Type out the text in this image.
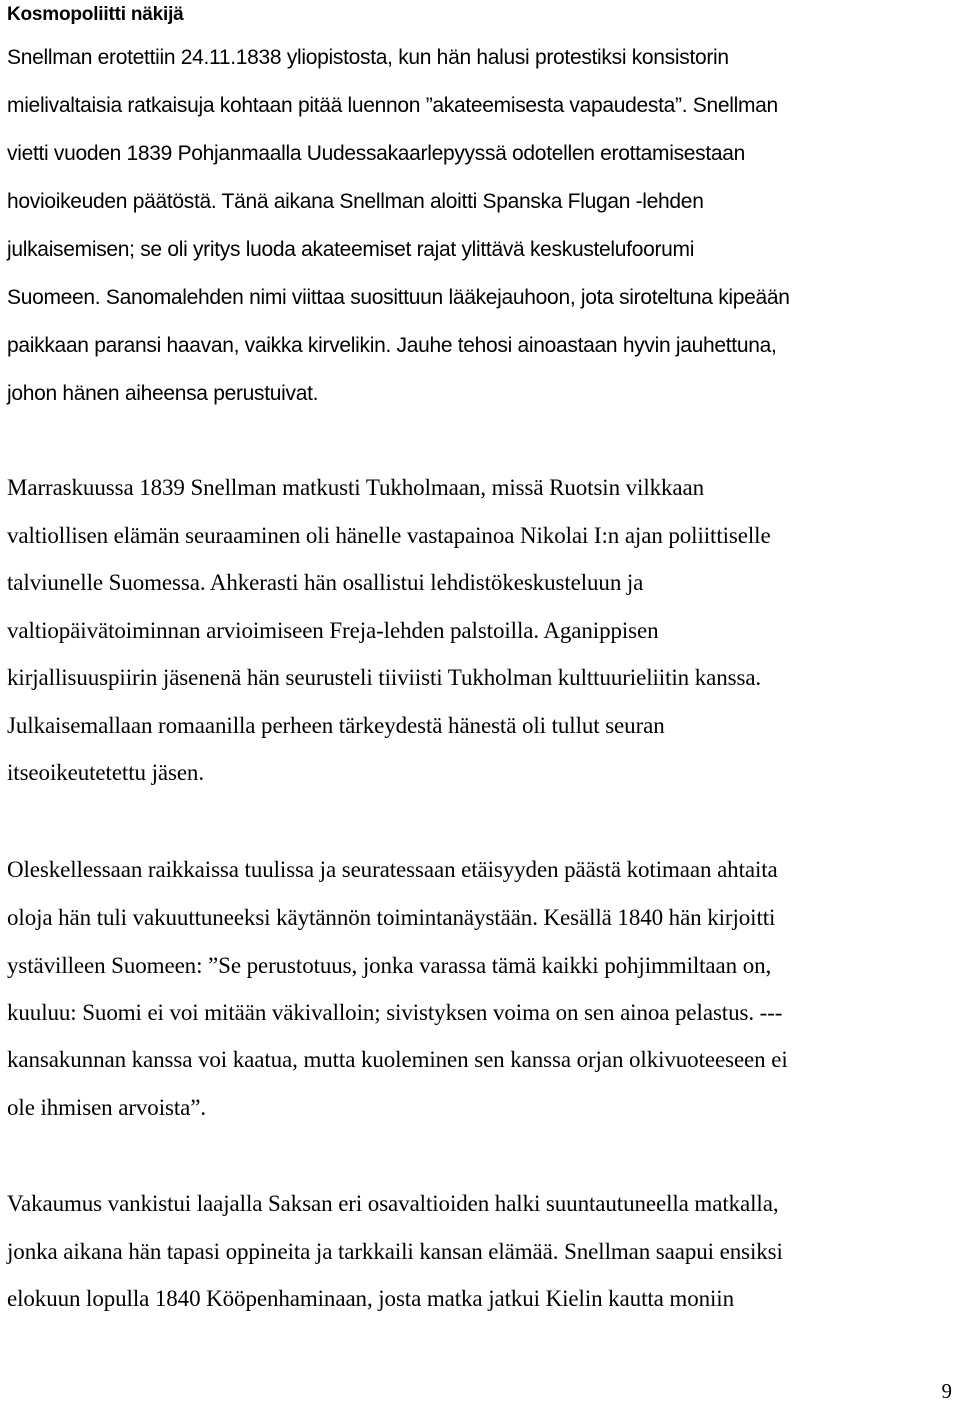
Kosmopoliitti näkijä
Snellman erotettiin 24.11.1838 yliopistosta, kun hän halusi protestiksi konsistorin
mielivaltaisia ratkaisuja kohtaan pitää luennon ”akateemisesta vapaudesta”. Snellman
vietti vuoden 1839 Pohjanmaalla Uudessakaarlepyyssä odotellen erottamisestaan
hovioikeuden päätöstä. Tänä aikana Snellman aloitti Spanska Flugan -lehden
julkaisemisen; se oli yritys luoda akateemiset rajat ylittävä keskustelufoorumi
Suomeen. Sanomalehden nimi viittaa suosittuun lääkejauhoon, jota siroteltuna kipeään
paikkaan paransi haavan, vaikka kirvelikin. Jauhe tehosi ainoastaan hyvin jauhettuna,
johon hänen aiheensa perustuivat.
Marraskuussa 1839 Snellman matkusti Tukholmaan, missä Ruotsin vilkkaan
valtiollisen elämän seuraaminen oli hänelle vastapainoa Nikolai I:n ajan poliittiselle
talviunelle Suomessa. Ahkerasti hän osallistui lehdistökeskusteluun ja
valtiopäivätoiminnan arvioimiseen Freja-lehden palstoilla. Aganippisen
kirjallisuuspiirin jäsenenä hän seurusteli tiiviisti Tukholman kulttuurieliitin kanssa.
Julkaisemallaan romaanilla perheen tärkeydestä hänestä oli tullut seuran
itseoikeutetettu jäsen.
Oleskellessaan raikkaissa tuulissa ja seuratessaan etäisyyden päästä kotimaan ahtaita
oloja hän tuli vakuuttuneeksi käytännön toimintanäystään. Kesällä 1840 hän kirjoitti
ystävilleen Suomeen: ”Se perustotuus, jonka varassa tämä kaikki pohjimmiltaan on,
kuuluu: Suomi ei voi mitään väkivalloin; sivistyksen voima on sen ainoa pelastus. ---
kansakunnan kanssa voi kaatua, mutta kuoleminen sen kanssa orjan olkivuoteeseen ei
ole ihmisen arvoista”.
Vakaumus vankistui laajalla Saksan eri osavaltioiden halki suuntautuneella matkalla,
jonka aikana hän tapasi oppineita ja tarkkaili kansan elämää. Snellman saapui ensiksi
elokuun lopulla 1840 Kööpenhaminaan, josta matka jatkui Kielin kautta moniin
9
